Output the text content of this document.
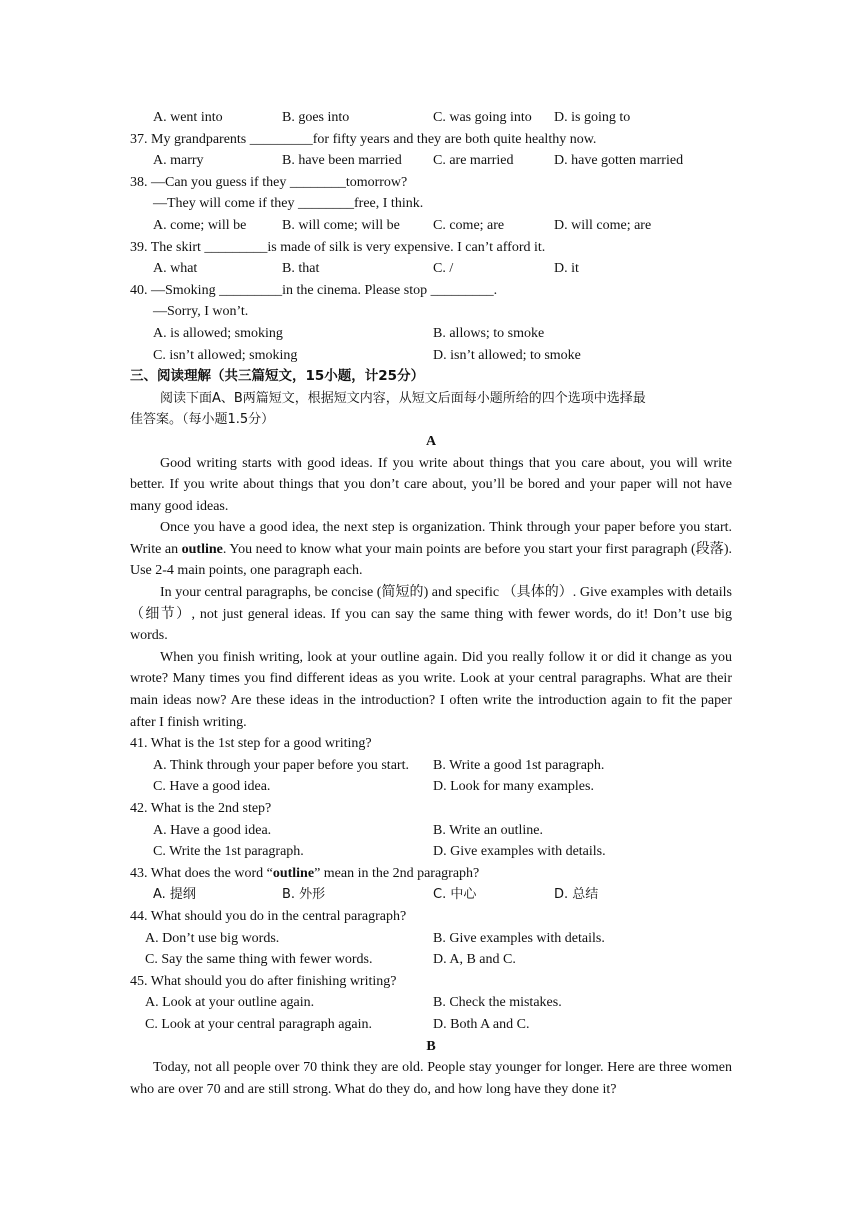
A. went into	B. goes into	C. was going into	D. is going to
37. My grandparents _________for fifty years and they are both quite healthy now.
A. marry	B. have been married	C. are married	D. have gotten married
38. —Can you guess if they ________tomorrow?
—They will come if they ________free, I think.
A. come; will be	B. will come; will be	C. come; are	D. will come; are
39. The skirt _________is made of silk is very expensive. I can’t afford it.
A. what	B. that	C. /	D. it
40. —Smoking _________in the cinema. Please stop _________.
—Sorry, I won’t.
A. is allowed; smoking	B. allows; to smoke
C. isn’t allowed; smoking	D. isn’t allowed; to smoke
三、阅读理解（共三篇短文，15小题，计25分）
阅读下面A、B两篇短文，根据短文内容，从短文后面每小题所给的四个选项中选择最
佳答案。（每小题1.5分）
A

Good writing starts with good ideas. If you write about things that you care about, you will write better. If you write about things that you don’t care about, you’ll be bored and your paper will not have many good ideas.

Once you have a good idea, the next step is organization. Think through your paper before you start. Write an outline. You need to know what your main points are before you start your first paragraph (段落). Use 2-4 main points, one paragraph each.

In your central paragraphs, be concise (简短的) and specific （具体的）. Give examples with details（细节）, not just general ideas. If you can say the same thing with fewer words, do it! Don’t use big words.

When you finish writing, look at your outline again. Did you really follow it or did it change as you wrote? Many times you find different ideas as you write. Look at your central paragraphs. What are their main ideas now? Are these ideas in the introduction? I often write the introduction again to fit the paper after I finish writing.

41. What is the 1st step for a good writing?
A. Think through your paper before you start.	B. Write a good 1st paragraph.
C. Have a good idea.	D. Look for many examples.
42. What is the 2nd step?
A. Have a good idea.	B. Write an outline.
C. Write the 1st paragraph.	D. Give examples with details.
43. What does the word “outline” mean in the 2nd paragraph?
A. 提纲	B. 外形	C. 中心	D. 总结
44. What should you do in the central paragraph?
A. Don’t use big words.	B. Give examples with details.
C. Say the same thing with fewer words.	D. A, B and C.
45. What should you do after finishing writing?
A. Look at your outline again.	B. Check the mistakes.
C. Look at your central paragraph again.	D. Both A and C.
B

Today, not all people over 70 think they are old. People stay younger for longer. Here are three women who are over 70 and are still strong. What do they do, and how long have they done it?
